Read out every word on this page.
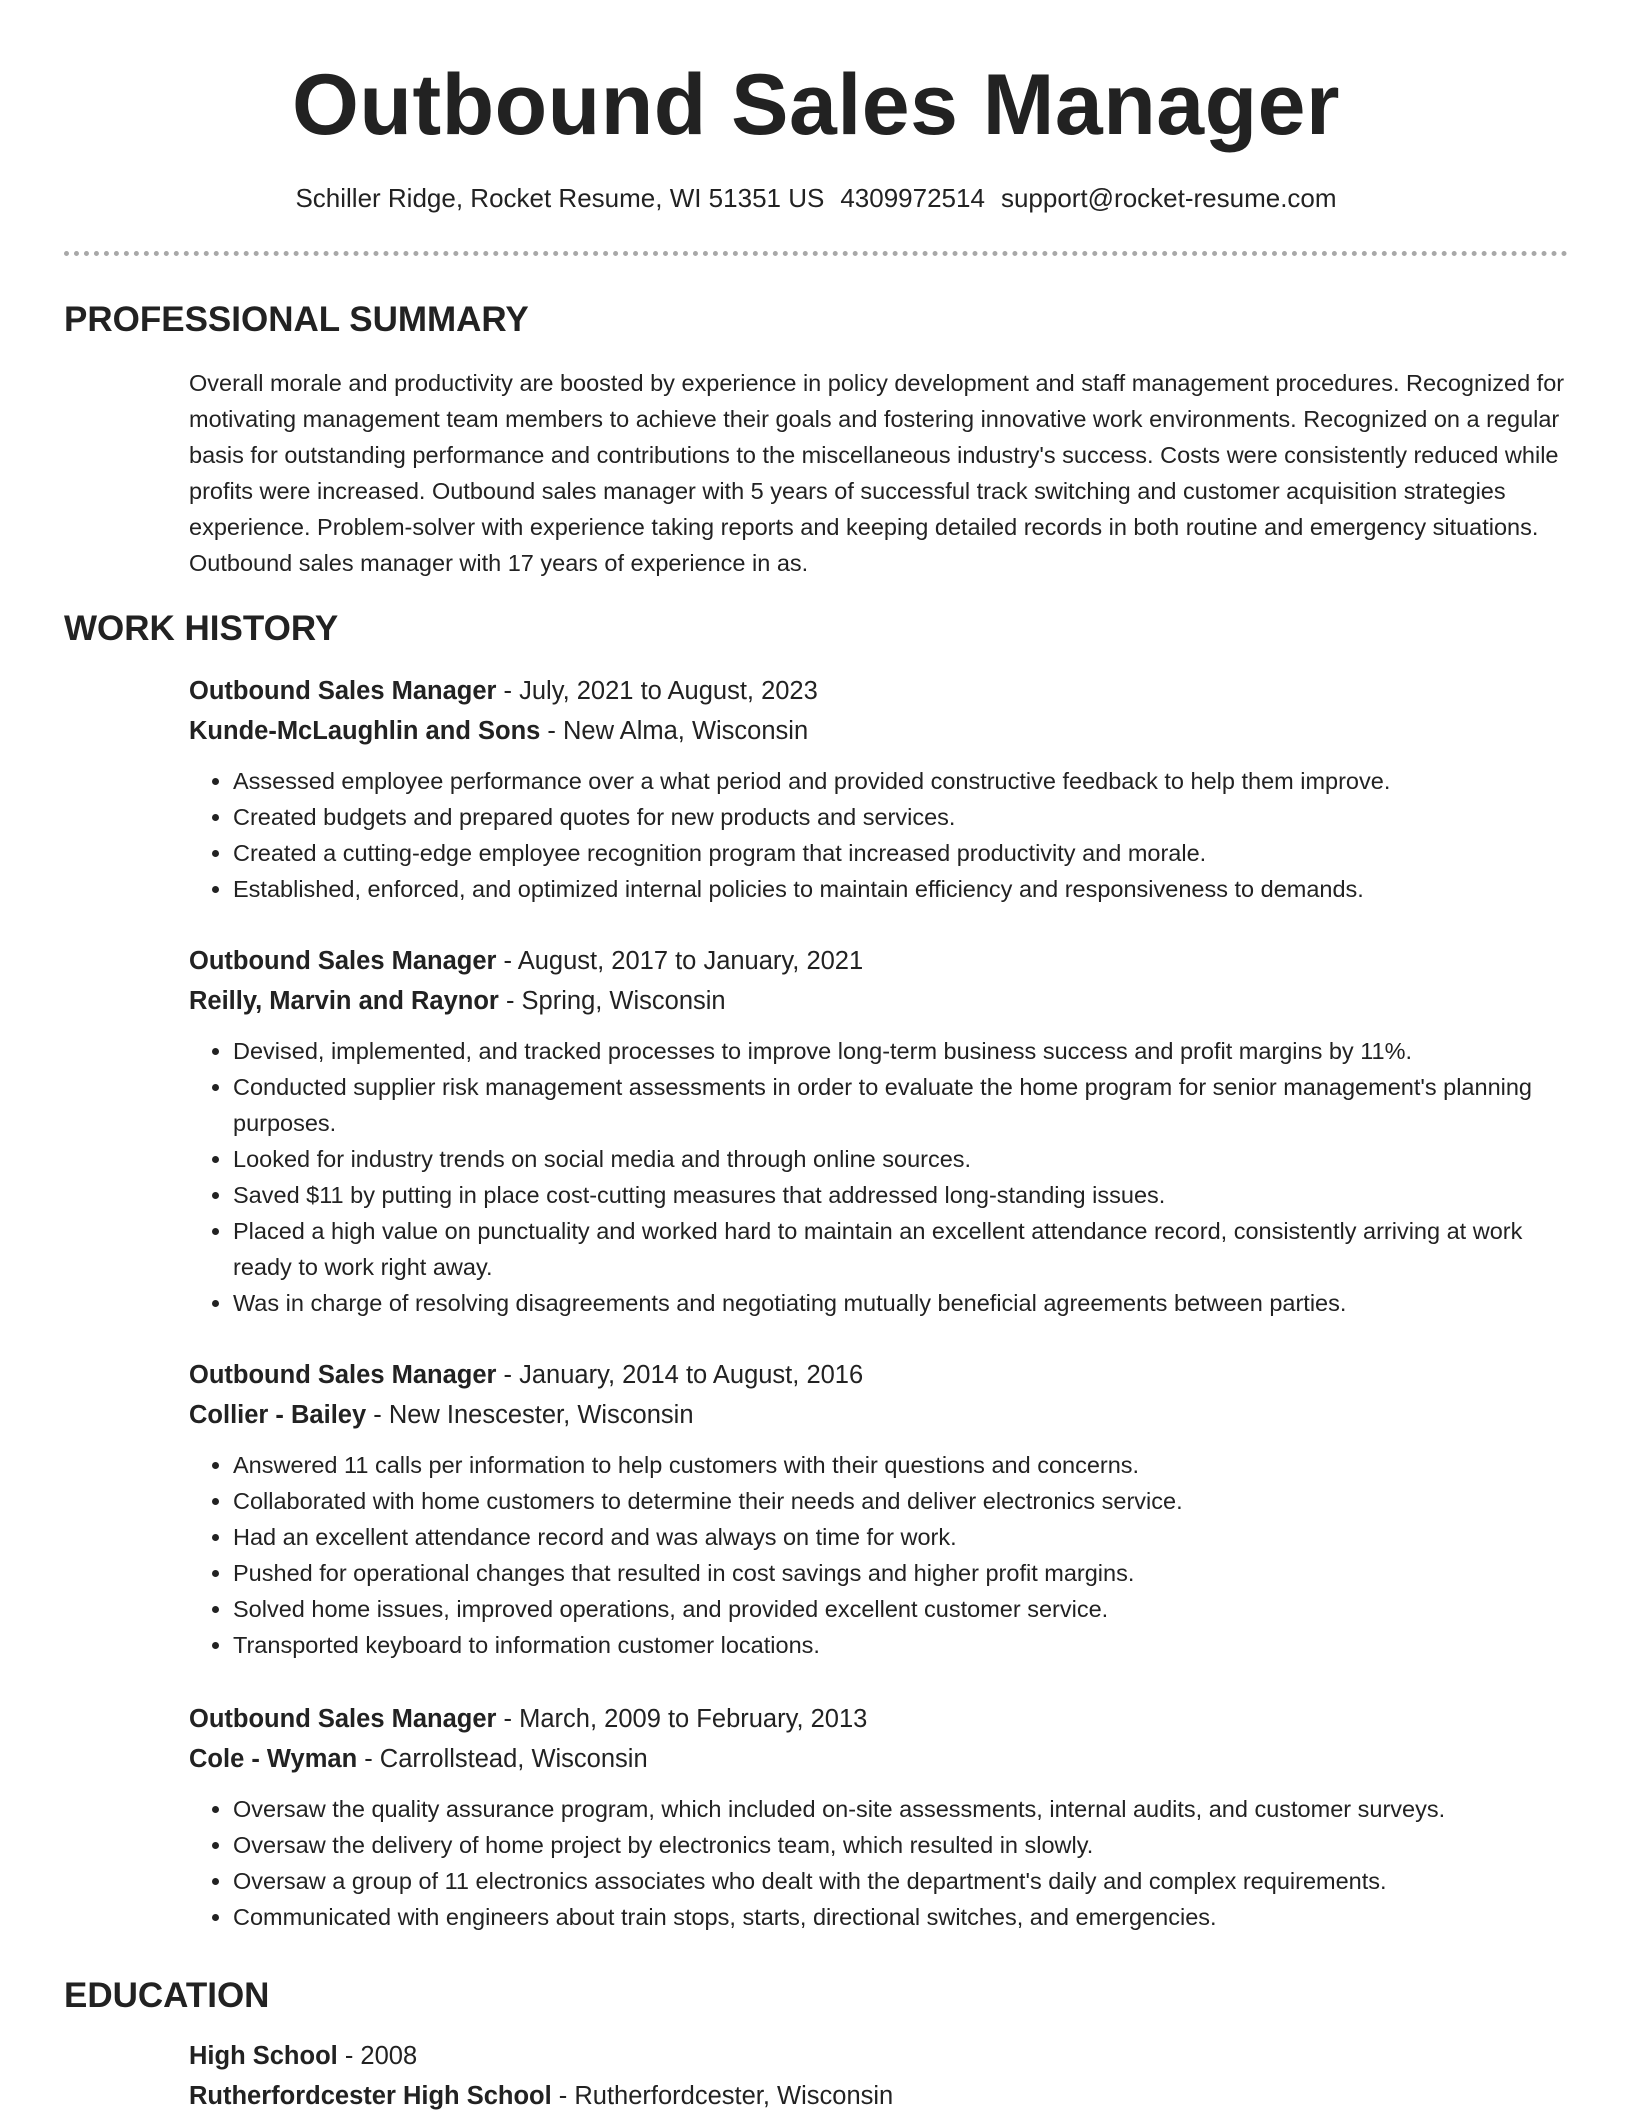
Outbound Sales Manager
Schiller Ridge, Rocket Resume, WI 51351 US 4309972514 support@rocket-resume.com
PROFESSIONAL SUMMARY

Overall morale and productivity are boosted by experience in policy development and staff management procedures. Recognized for motivating management team members to achieve their goals and fostering innovative work environments. Recognized on a regular basis for outstanding performance and contributions to the miscellaneous industry's success. Costs were consistently reduced while profits were increased. Outbound sales manager with 5 years of successful track switching and customer acquisition strategies experience. Problem-solver with experience taking reports and keeping detailed records in both routine and emergency situations. Outbound sales manager with 17 years of experience in as.

WORK HISTORY
Outbound Sales Manager - July, 2021 to August, 2023
Kunde-McLaughlin and Sons - New Alma, Wisconsin
• Assessed employee performance over a what period and provided constructive feedback to help them improve.
• Created budgets and prepared quotes for new products and services.
• Created a cutting-edge employee recognition program that increased productivity and morale.
• Established, enforced, and optimized internal policies to maintain efficiency and responsiveness to demands.
Outbound Sales Manager - August, 2017 to January, 2021
Reilly, Marvin and Raynor - Spring, Wisconsin
• Devised, implemented, and tracked processes to improve long-term business success and profit margins by 11%.
• Conducted supplier risk management assessments in order to evaluate the home program for senior management's planning purposes.
• Looked for industry trends on social media and through online sources.
• Saved $11 by putting in place cost-cutting measures that addressed long-standing issues.
• Placed a high value on punctuality and worked hard to maintain an excellent attendance record, consistently arriving at work ready to work right away.
• Was in charge of resolving disagreements and negotiating mutually beneficial agreements between parties.
Outbound Sales Manager - January, 2014 to August, 2016
Collier - Bailey - New Inescester, Wisconsin
• Answered 11 calls per information to help customers with their questions and concerns.
• Collaborated with home customers to determine their needs and deliver electronics service.
• Had an excellent attendance record and was always on time for work.
• Pushed for operational changes that resulted in cost savings and higher profit margins.
• Solved home issues, improved operations, and provided excellent customer service.
• Transported keyboard to information customer locations.
Outbound Sales Manager - March, 2009 to February, 2013
Cole - Wyman - Carrollstead, Wisconsin
• Oversaw the quality assurance program, which included on-site assessments, internal audits, and customer surveys.
• Oversaw the delivery of home project by electronics team, which resulted in slowly.
• Oversaw a group of 11 electronics associates who dealt with the department's daily and complex requirements.
• Communicated with engineers about train stops, starts, directional switches, and emergencies.
EDUCATION
High School - 2008
Rutherfordcester High School - Rutherfordcester, Wisconsin
